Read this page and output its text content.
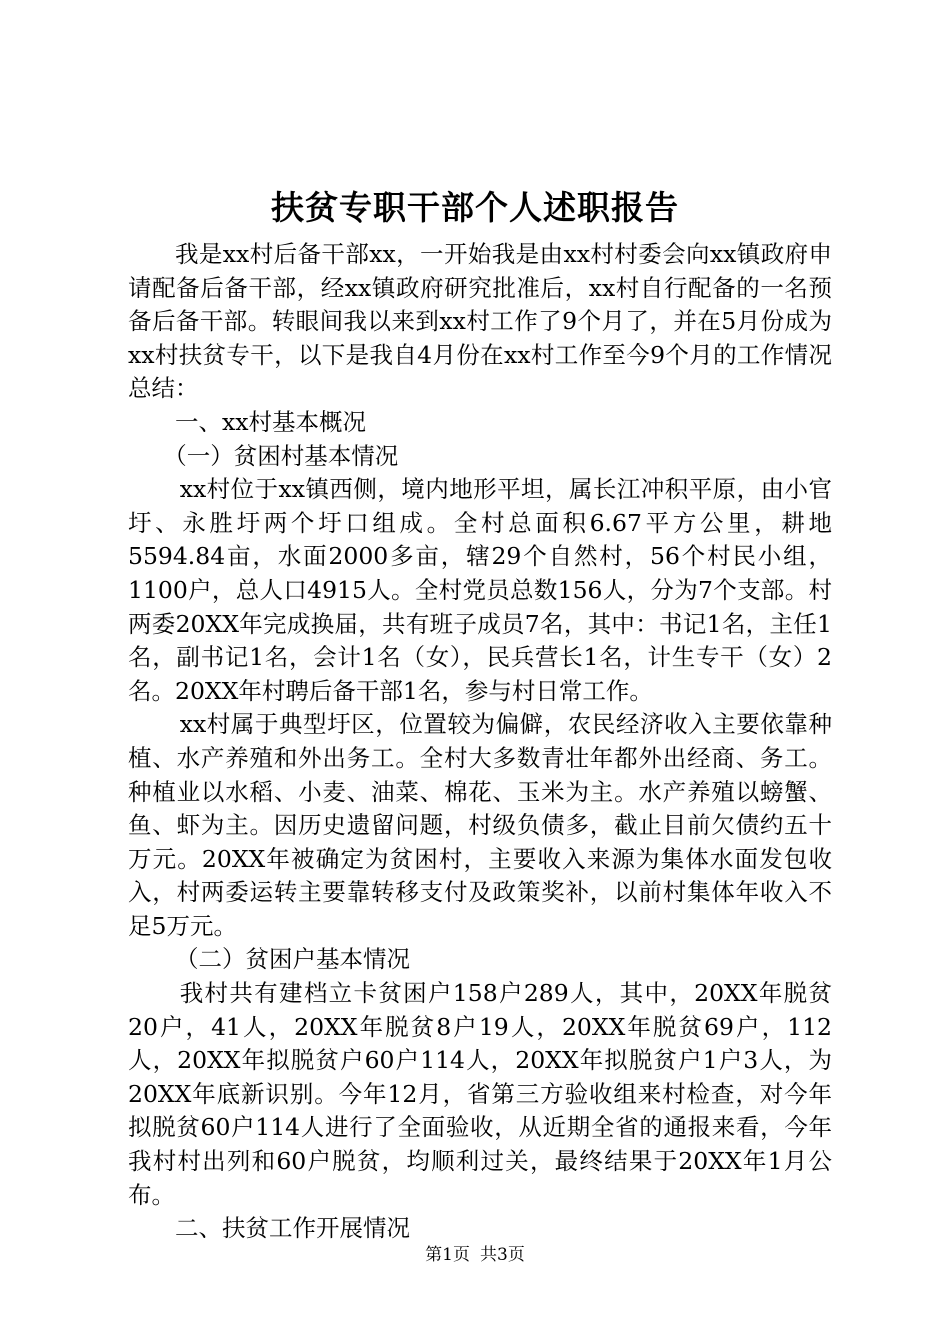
扶贫专职干部个人述职报告

我是xx村后备干部xx，一开始我是由xx村村委会向xx镇政府申请配备后备干部，经xx镇政府研究批准后，xx村自行配备的一名预备后备干部。转眼间我以来到xx村工作了9个月了，并在5月份成为xx村扶贫专干，以下是我自4月份在xx村工作至今9个月的工作情况总结：

一、xx村基本概况

（一）贫困村基本情况

xx村位于xx镇西侧，境内地形平坦，属长江冲积平原，由小官圩、永胜圩两个圩口组成。全村总面积6.67平方公里，耕地5594.84亩，水面2000多亩，辖29个自然村，56个村民小组，1100户，总人口4915人。全村党员总数156人，分为7个支部。村两委20XX年完成换届，共有班子成员7名，其中：书记1名，主任1名，副书记1名，会计1名（女），民兵营长1名，计生专干（女）2名。20XX年村聘后备干部1名，参与村日常工作。

xx村属于典型圩区，位置较为偏僻，农民经济收入主要依靠种植、水产养殖和外出务工。全村大多数青壮年都外出经商、务工。种植业以水稻、小麦、油菜、棉花、玉米为主。水产养殖以螃蟹、鱼、虾为主。因历史遗留问题，村级负债多，截止目前欠债约五十万元。20XX年被确定为贫困村，主要收入来源为集体水面发包收入，村两委运转主要靠转移支付及政策奖补，以前村集体年收入不足5万元。

（二）贫困户基本情况

我村共有建档立卡贫困户158户289人，其中，20XX年脱贫20户，41人，20XX年脱贫8户19人，20XX年脱贫69户，112人，20XX年拟脱贫户60户114人，20XX年拟脱贫户1户3人，为20XX年底新识别。今年12月，省第三方验收组来村检查，对今年拟脱贫60户114人进行了全面验收，从近期全省的通报来看，今年我村村出列和60户脱贫，均顺利过关，最终结果于20XX年1月公布。

二、扶贫工作开展情况

第1页 共3页
